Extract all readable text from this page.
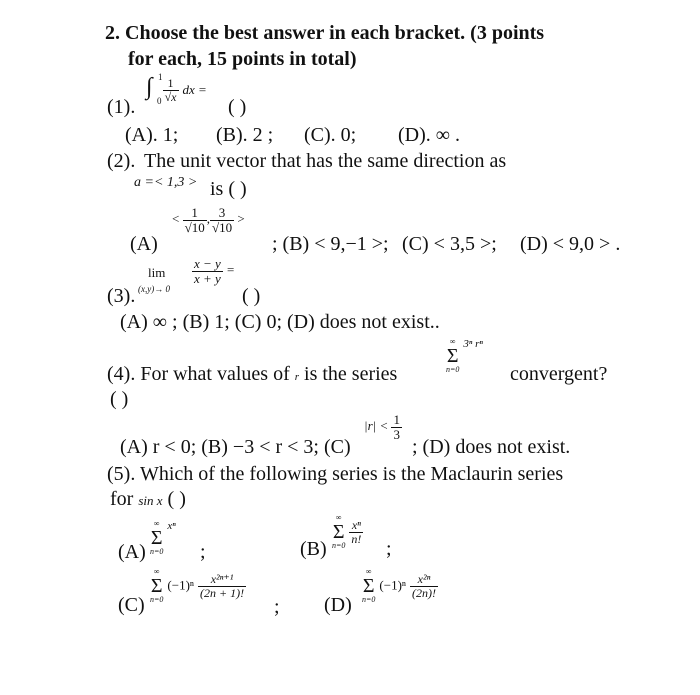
2. Choose the best answer in each bracket. (3 points
for each, 15 points in total)
(1).
∫ 1
$0 \frac{1}{√x}$ dx =
( )
(A). 1; (B). 2 ; (C). 0; (D). ∞ .
(2). The unit vector that has the same direction as
a =< 1,3 > is ( )
(A)
< $\frac{1}{√10}$ , $\frac{3}{√10}$ >
; (B) < 9,−1 >; (C) < 3,5 >; (D) < 9,0 > .
lim
(x,y)→ 0
$\frac{x - y}{x + y}$ =
(3).	( )
(A) ∞ ; (B) 1; (C) 0; (D) does not exist..
(4). For what values of r is the series
∞
Σ
n=0
$^{3^n r^n}$
convergent?
( )
(A) r < 0; (B) −3 < r < 3; (C)
$|r| < \frac{1}{3}$
; (D) does not exist.
(5). Which of the following series is the Maclaurin series
for sin x ( )
(A)
∞
Σ
n=0
$^{x^n}$
;	(B)
∞
Σ
n=0

$\frac{\text{xⁿ}}{n!}$
;
(C)
∞
Σ
n=0
$(-1)^n \frac{\text{x²ⁿ⁺¹}}{(2n + 1)!}$
; (D)
∞
Σ
n=0
$(-1)^n \frac{\text{x²ⁿ}}{(2n)!}$
